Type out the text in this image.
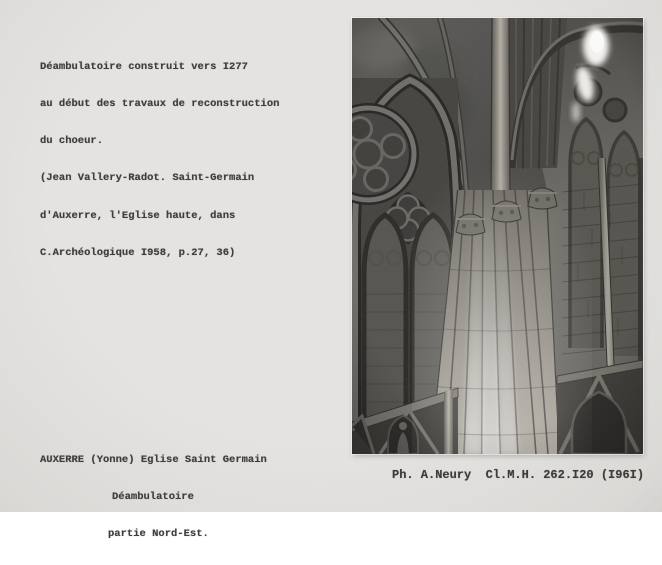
Déambulatoire construit vers I277

au début des travaux de reconstruction

du choeur.

(Jean Vallery-Radot. Saint-Germain

d'Auxerre, l'Eglise haute, dans

C.Archéologique I958, p.27, 36)

AUXERRE (Yonne) Eglise Saint Germain

Déambulatoire

partie Nord-Est.

Ph. A.Neury  Cl.M.H. 262.I20 (I96I)
